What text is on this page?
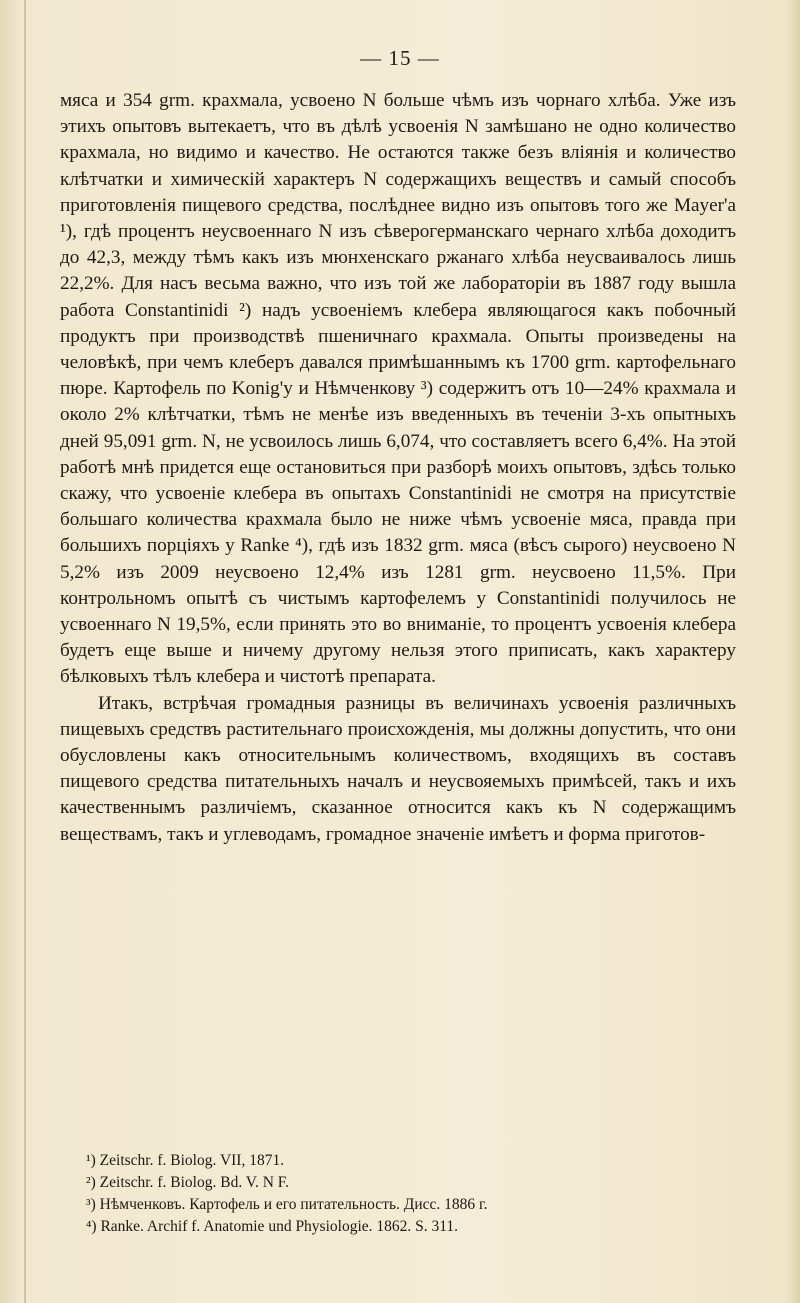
— 15 —

мяса и 354 grm. крахмала, усвоено N больше чѣмъ изъ чорнаго хлѣба. Уже изъ этихъ опытовъ вытекаетъ, что въ дѣлѣ усвоенія N замѣшано не одно количество крахмала, но видимо и качество. Не остаются также безъ вліянія и количество клѣтчатки и химическій характеръ N содержащихъ веществъ и самый способъ приготовленія пищевого средства, послѣднее видно изъ опытовъ того же Mayer'a ¹), гдѣ процентъ неусвоеннаго N изъ сѣверогерманскаго чернаго хлѣба доходитъ до 42,3, между тѣмъ какъ изъ мюнхенскаго ржанаго хлѣба неусваивалось лишь 22,2%. Для насъ весьма важно, что изъ той же лабораторіи въ 1887 году вышла работа Constantinidi ²) надъ усвоеніемъ клебера являющагося какъ побочный продуктъ при производствѣ пшеничнаго крахмала. Опыты произведены на человѣкѣ, при чемъ клеберъ давался примѣшаннымъ къ 1700 grm. картофельнаго пюре. Картофель по Konig'у и Нѣмченкову ³) содержитъ отъ 10—24% крахмала и около 2% клѣтчатки, тѣмъ не менѣе изъ введенныхъ въ теченіи 3-хъ опытныхъ дней 95,091 grm. N, не усвоилось лишь 6,074, что составляетъ всего 6,4%. На этой работѣ мнѣ придется еще остановиться при разборѣ моихъ опытовъ, здѣсь только скажу, что усвоеніе клебера въ опытахъ Constantinidi не смотря на присутствіе большаго количества крахмала было не ниже чѣмъ усвоеніе мяса, правда при большихъ порціяхъ у Ranke ⁴), гдѣ изъ 1832 grm. мяса (вѣсъ сырого) неусвоено N 5,2% изъ 2009 неусвоено 12,4% изъ 1281 grm. неусвоено 11,5%. При контрольномъ опытѣ съ чистымъ картофелемъ у Constantinidi получилось не усвоеннаго N 19,5%, если принять это во вниманіе, то процентъ усвоенія клебера будетъ еще выше и ничему другому нельзя этого приписать, какъ характеру бѣлковыхъ тѣлъ клебера и чистотѣ препарата.

Итакъ, встрѣчая громадныя разницы въ величинахъ усвоенія различныхъ пищевыхъ средствъ растительнаго происхожденія, мы должны допустить, что они обусловлены какъ относительнымъ количествомъ, входящихъ въ составъ пищевого средства питательныхъ началъ и неусвояемыхъ примѣсей, такъ и ихъ качественнымъ различіемъ, сказанное относится какъ къ N содержащимъ веществамъ, такъ и углеводамъ, громадное значеніе имѣетъ и форма приготов-

¹) Zeitschr. f. Biolog. VII, 1871.

²) Zeitschr. f. Biolog. Bd. V. N F.

³) Нѣмченковъ. Картофель и его питательность. Дисс. 1886 г.

⁴) Ranke. Archif f. Anatomie und Physiologie. 1862. S. 311.
